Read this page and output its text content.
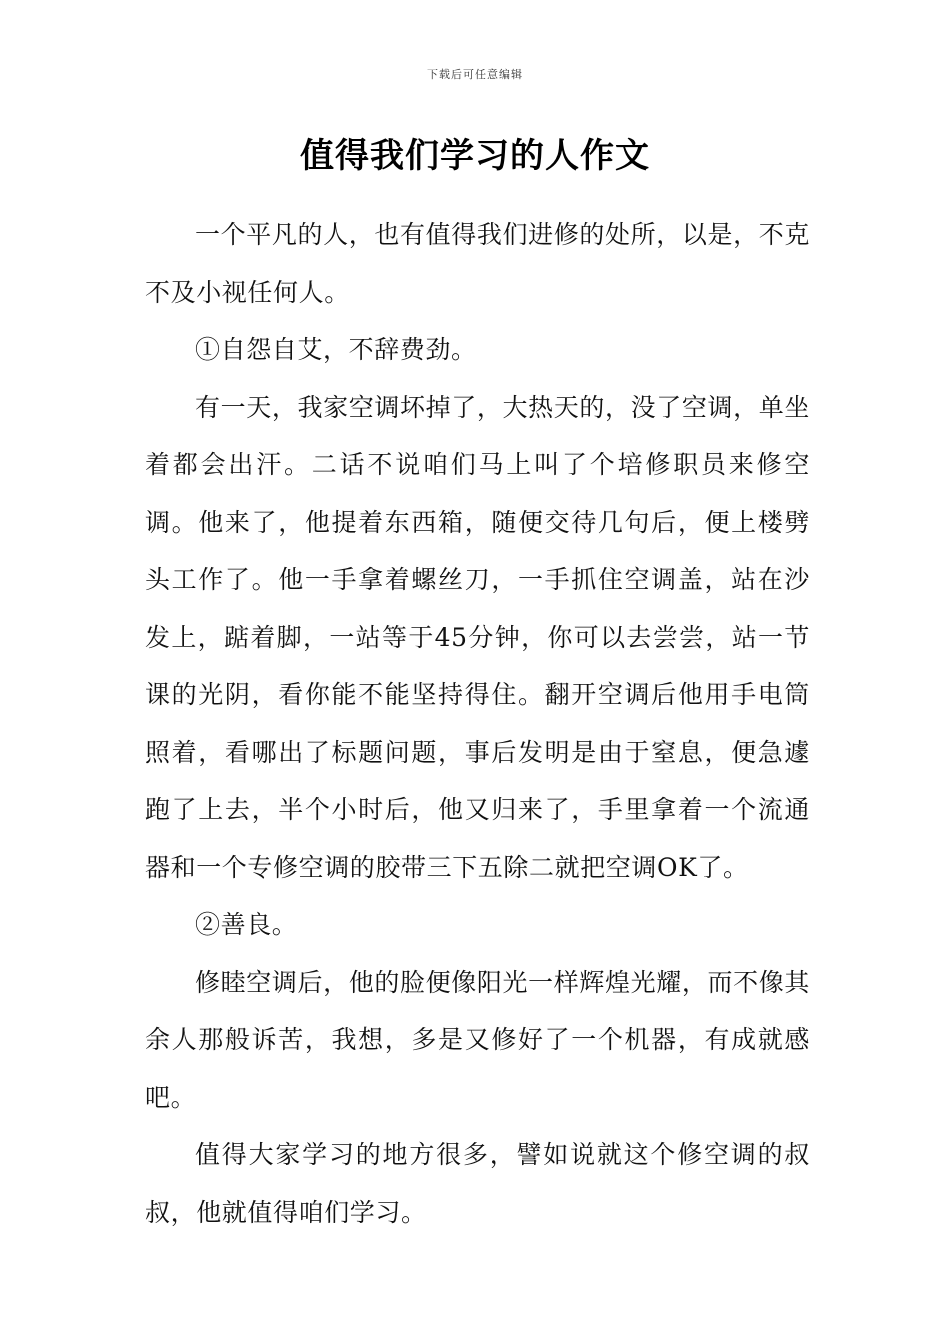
下载后可任意编辑
值得我们学习的人作文

一个平凡的人，也有值得我们进修的处所，以是，不克不及小视任何人。

①自怨自艾，不辞费劲。

有一天，我家空调坏掉了，大热天的，没了空调，单坐着都会出汗。二话不说咱们马上叫了个培修职员来修空调。他来了，他提着东西箱，随便交待几句后，便上楼劈头工作了。他一手拿着螺丝刀，一手抓住空调盖，站在沙发上，踮着脚，一站等于45分钟，你可以去尝尝，站一节课的光阴，看你能不能坚持得住。翻开空调后他用手电筒照着，看哪出了标题问题，事后发明是由于窒息，便急遽跑了上去，半个小时后，他又归来了，手里拿着一个流通器和一个专修空调的胶带三下五除二就把空调OK了。

②善良。

修睦空调后，他的脸便像阳光一样辉煌光耀，而不像其余人那般诉苦，我想，多是又修好了一个机器，有成就感吧。

值得大家学习的地方很多，譬如说就这个修空调的叔叔，他就值得咱们学习。
